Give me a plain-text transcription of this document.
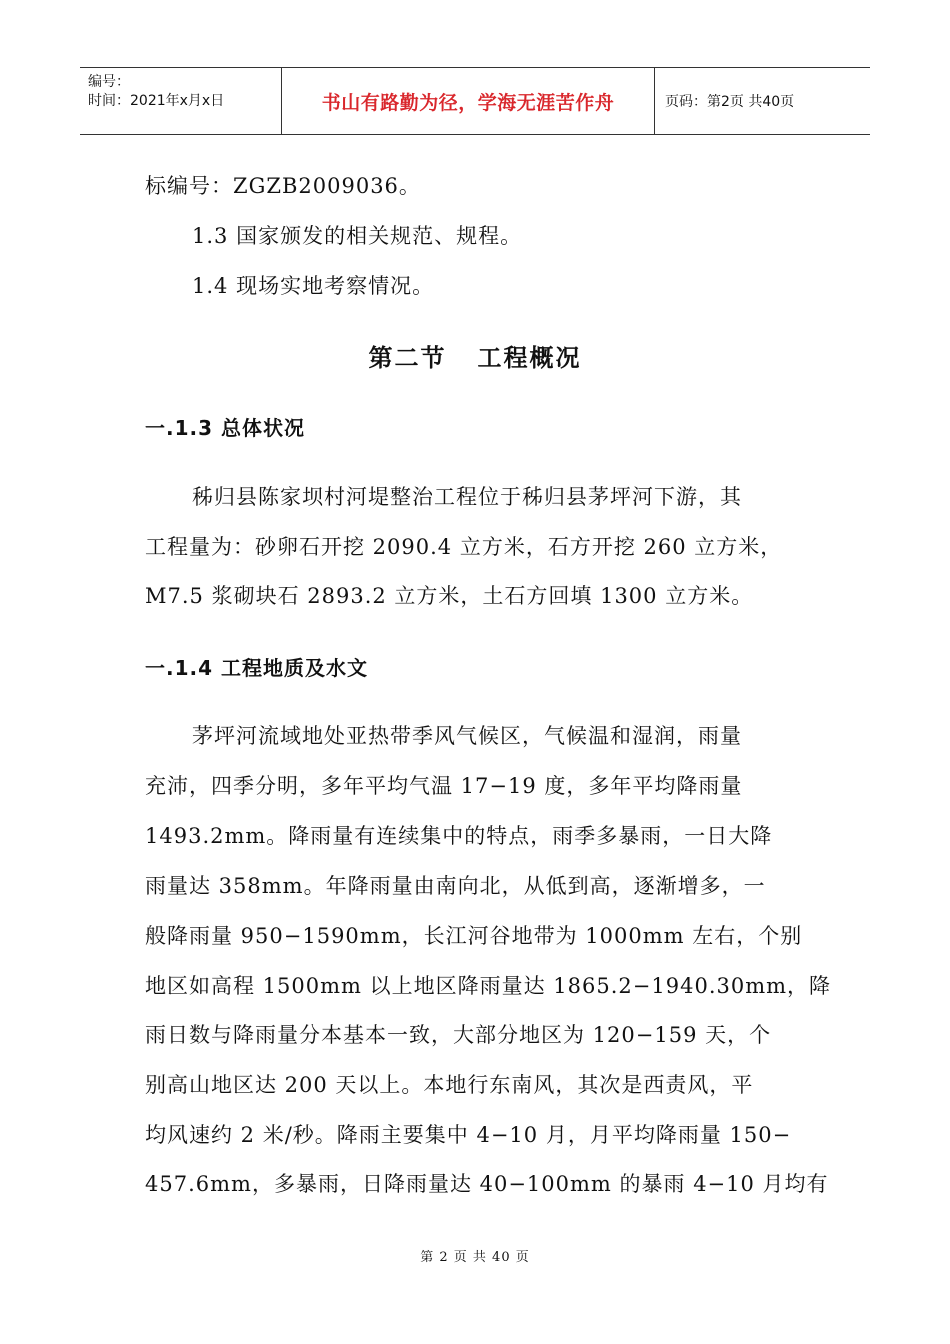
编号：
时间：2021年x月x日	书山有路勤为径，学海无涯苦作舟	页码：第2页 共40页
标编号：ZGZB2009036。
1.3 国家颁发的相关规范、规程。
1.4 现场实地考察情况。
第二节   工程概况
一.1.3 总体状况
秭归县陈家坝村河堤整治工程位于秭归县茅坪河下游，其
工程量为：砂卵石开挖 2090.4 立方米，石方开挖 260 立方米，
M7.5 浆砌块石 2893.2 立方米，土石方回填 1300 立方米。
一.1.4 工程地质及水文
茅坪河流域地处亚热带季风气候区，气候温和湿润，雨量
充沛，四季分明，多年平均气温 17−19 度，多年平均降雨量
1493.2mm。降雨量有连续集中的特点，雨季多暴雨，一日大降
雨量达 358mm。年降雨量由南向北，从低到高，逐渐增多，一
般降雨量 950−1590mm，长江河谷地带为 1000mm 左右，个别
地区如高程 1500mm 以上地区降雨量达 1865.2−1940.30mm，降
雨日数与降雨量分本基本一致，大部分地区为 120−159 天，个
别高山地区达 200 天以上。本地行东南风，其次是西责风，平
均风速约 2 米/秒。降雨主要集中 4−10 月，月平均降雨量 150−
457.6mm，多暴雨，日降雨量达 40−100mm 的暴雨 4−10 月均有
第 2 页 共 40 页
